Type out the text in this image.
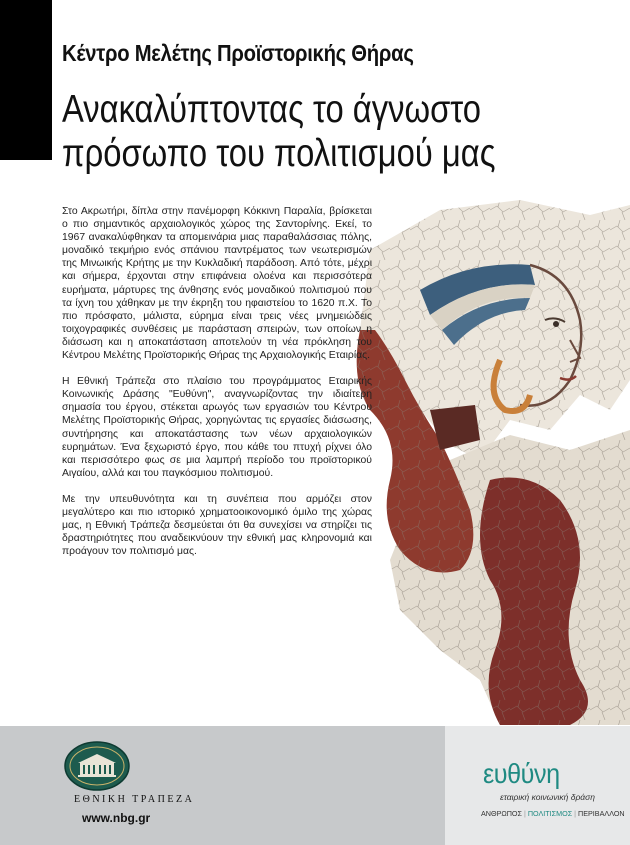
Κέντρο Μελέτης Προϊστορικής Θήρας
Ανακαλύπτοντας το άγνωστο
πρόσωπο του πολιτισμού μας

Στο Ακρωτήρι, δίπλα στην πανέμορφη Κόκκινη Παραλία, βρίσκεται ο πιο σημαντικός αρχαιολογικός χώρος της Σαντορίνης. Εκεί, το 1967 ανακαλύφθηκαν τα απομεινάρια μιας παραθαλάσσιας πόλης, μοναδικό τεκμήριο ενός σπάνιου παντρέματος των νεωτερισμών της Μινωικής Κρήτης με την Κυκλαδική παράδοση. Από τότε, μέχρι και σήμερα, έρχονται στην επιφάνεια ολοένα και περισσότερα ευρήματα, μάρτυρες της άνθησης ενός μοναδικού πολιτισμού που τα ίχνη του χάθηκαν με την έκρηξη του ηφαιστείου το 1620 π.Χ. Το πιο πρόσφατο, μάλιστα, εύρημα είναι τρεις νέες μνημειώδεις τοιχογραφικές συνθέσεις με παράσταση σπειρών, των οποίων η διάσωση και η αποκατάσταση αποτελούν τη νέα πρόκληση του Κέντρου Μελέτης Προϊστορικής Θήρας της Αρχαιολογικής Εταιρίας.

Η Εθνική Τράπεζα στο πλαίσιο του προγράμματος Εταιρικής Κοινωνικής Δράσης "Ευθύνη", αναγνωρίζοντας την ιδιαίτερη σημασία του έργου, στέκεται αρωγός των εργασιών του Κέντρου Μελέτης Προϊστορικής Θήρας, χορηγώντας τις εργασίες διάσωσης, συντήρησης και αποκατάστασης των νέων αρχαιολογικών ευρημάτων. Ένα ξεχωριστό έργο, που κάθε του πτυχή ρίχνει όλο και περισσότερο φως σε μια λαμπρή περίοδο του προϊστορικού Αιγαίου, αλλά και του παγκόσμιου πολιτισμού.

Με την υπευθυνότητα και τη συνέπεια που αρμόζει στον μεγαλύτερο και πιο ιστορικό χρηματοοικονομικό όμιλο της χώρας μας, η Εθνική Τράπεζα δεσμεύεται ότι θα συνεχίσει να στηρίζει τις δραστηριότητες που αναδεικνύουν την εθνική μας κληρονομιά και προάγουν τον πολιτισμό μας.

ΕΘΝΙΚΗ ΤΡΑΠΕΖΑ
www.nbg.gr
ευθύνη
εταιρική κοινωνική δράση
ΑΝΘΡΩΠΟΣ | ΠΟΛΙΤΙΣΜΟΣ | ΠΕΡΙΒΑΛΛΟΝ
